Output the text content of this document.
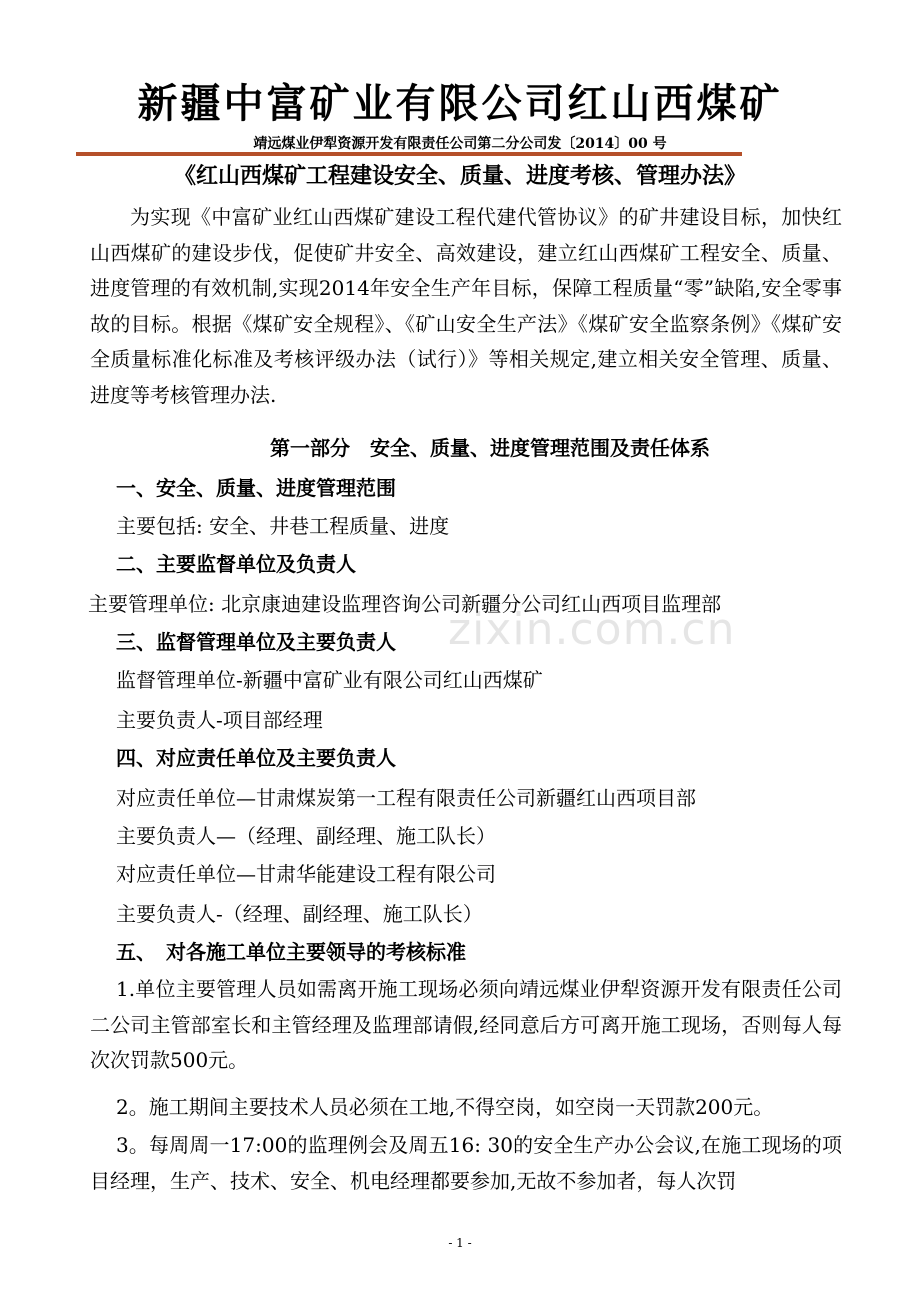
新疆中富矿业有限公司红山西煤矿
靖远煤业伊犁资源开发有限责任公司第二分公司发〔2014〕00 号
《红山西煤矿工程建设安全、质量、进度考核、管理办法》
为实现《中富矿业红山西煤矿建设工程代建代管协议》的矿井建设目标，加快红山西煤矿的建设步伐，促使矿井安全、高效建设，建立红山西煤矿工程安全、质量、进度管理的有效机制,实现2014年安全生产年目标，保障工程质量“零”缺陷,安全零事故的目标。根据《煤矿安全规程》、《矿山安全生产法》《煤矿安全监察条例》《煤矿安全质量标准化标准及考核评级办法（试行）》等相关规定,建立相关安全管理、质量、进度等考核管理办法.
第一部分　安全、质量、进度管理范围及责任体系
一、安全、质量、进度管理范围
主要包括: 安全、井巷工程质量、进度
二、主要监督单位及负责人
主要管理单位: 北京康迪建设监理咨询公司新疆分公司红山西项目监理部
三、监督管理单位及主要负责人
监督管理单位-新疆中富矿业有限公司红山西煤矿
主要负责人-项目部经理
四、对应责任单位及主要负责人
对应责任单位—甘肃煤炭第一工程有限责任公司新疆红山西项目部
主要负责人—（经理、副经理、施工队长）
对应责任单位—甘肃华能建设工程有限公司
主要负责人-（经理、副经理、施工队长）
五、　对各施工单位主要领导的考核标准
1.单位主要管理人员如需离开施工现场必须向靖远煤业伊犁资源开发有限责任公司二公司主管部室长和主管经理及监理部请假,经同意后方可离开施工现场，否则每人每次次罚款500元。
2。施工期间主要技术人员必须在工地,不得空岗，如空岗一天罚款200元。
3。每周周一17:00的监理例会及周五16: 30的安全生产办公会议,在施工现场的项目经理，生产、技术、安全、机电经理都要参加,无故不参加者，每人次罚
zixin.com.cn
- 1 -
